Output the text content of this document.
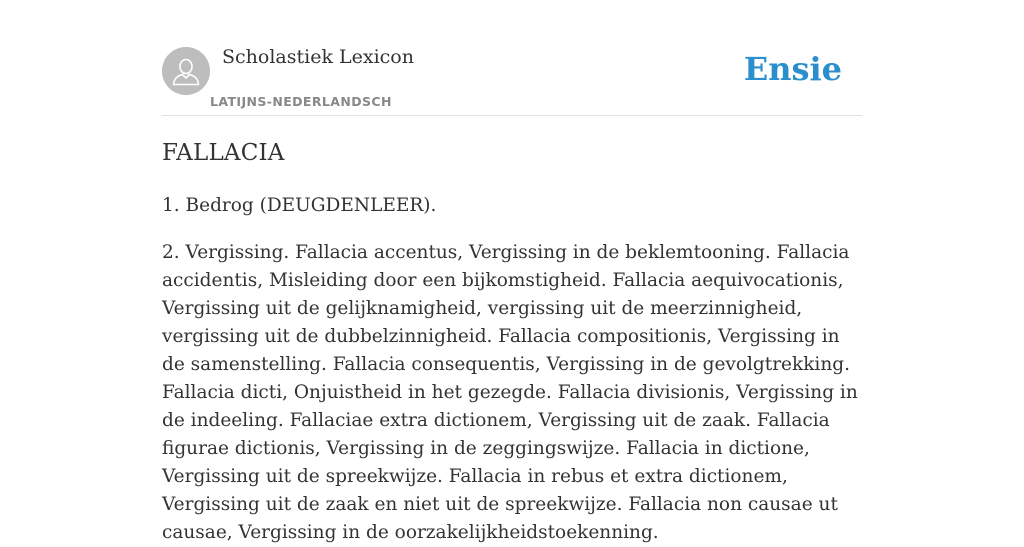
Scholastiek Lexicon
LATIJNS-NEDERLANDSCH
Ensie
FALLACIA

1. Bedrog (DEUGDENLEER).

2. Vergissing. Fallacia accentus, Vergissing in de beklemtooning. Fallacia accidentis, Misleiding door een bijkomstigheid. Fallacia aequivocationis, Vergissing uit de gelijknamigheid, vergissing uit de meerzinnigheid, vergissing uit de dubbelzinnigheid. Fallacia compositionis, Vergissing in de samenstelling. Fallacia consequentis, Vergissing in de gevolgtrekking. Fallacia dicti, Onjuistheid in het gezegde. Fallacia divisionis, Vergissing in de indeeling. Fallaciae extra dictionem, Vergissing uit de zaak. Fallacia figurae dictionis, Vergissing in de zeggingswijze. Fallacia in dictione, Vergissing uit de spreekwijze. Fallacia in rebus et extra dictionem, Vergissing uit de zaak en niet uit de spreekwijze. Fallacia non causae ut causae, Vergissing in de oorzakelijkheidstoekenning.
